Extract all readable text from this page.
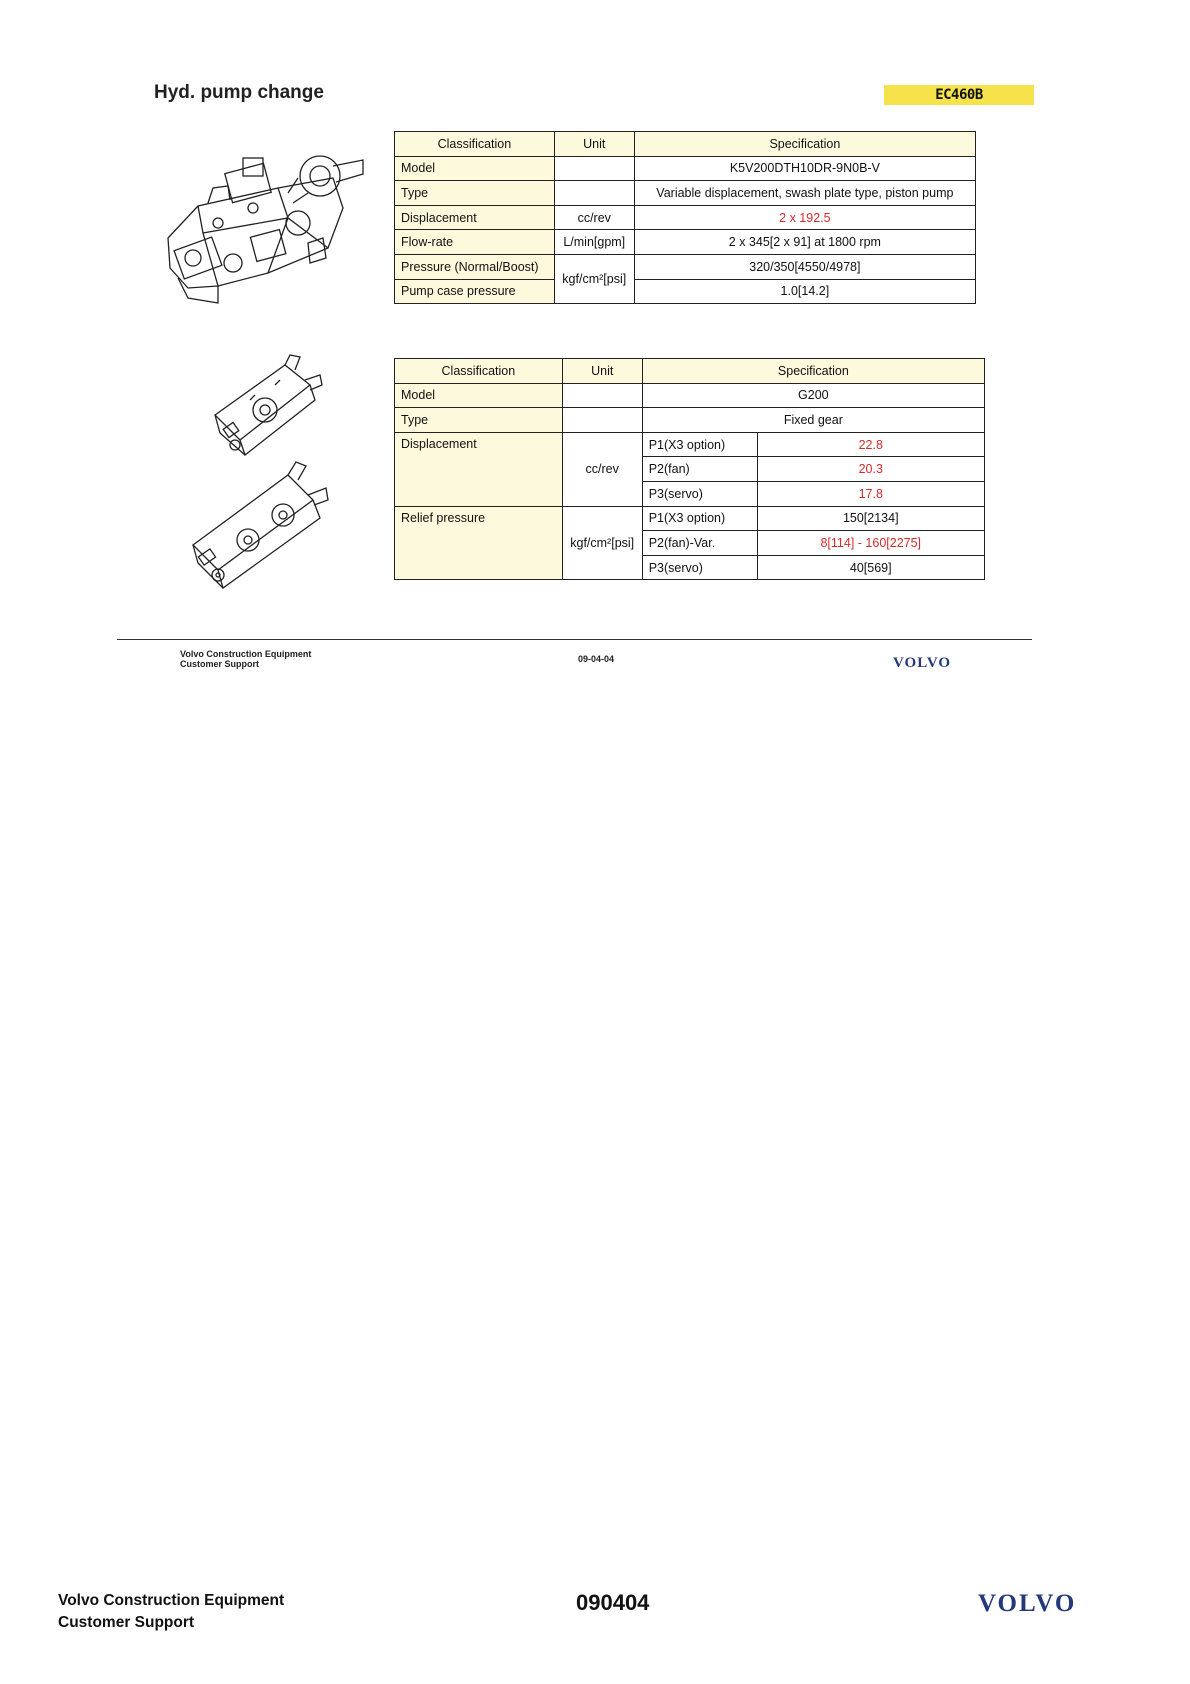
Hyd. pump change	EC460B
Classification	Unit	Specification
Model		K5V200DTH10DR-9N0B-V
Type		Variable displacement, swash plate type, piston pump
Displacement	cc/rev	2 x 192.5
Flow-rate	L/min[gpm]	2 x 345[2 x 91] at 1800 rpm
Pressure (Normal/Boost)	kgf/cm²[psi]	320/350[4550/4978]
Pump case pressure		1.0[14.2]
Classification	Unit	Specification	
Model		G200	
Type		Fixed gear	
Displacement	cc/rev	P1(X3 option)	22.8
		P2(fan)	20.3
		P3(servo)	17.8
Relief pressure	kgf/cm²[psi]	P1(X3 option)	150[2134]
		P2(fan)-Var.	8[114] - 160[2275]
		P3(servo)	40[569]
Volvo Construction Equipment
Customer Support	09-04-04	VOLVO
Volvo Construction Equipment
Customer Support
090404	VOLVO
